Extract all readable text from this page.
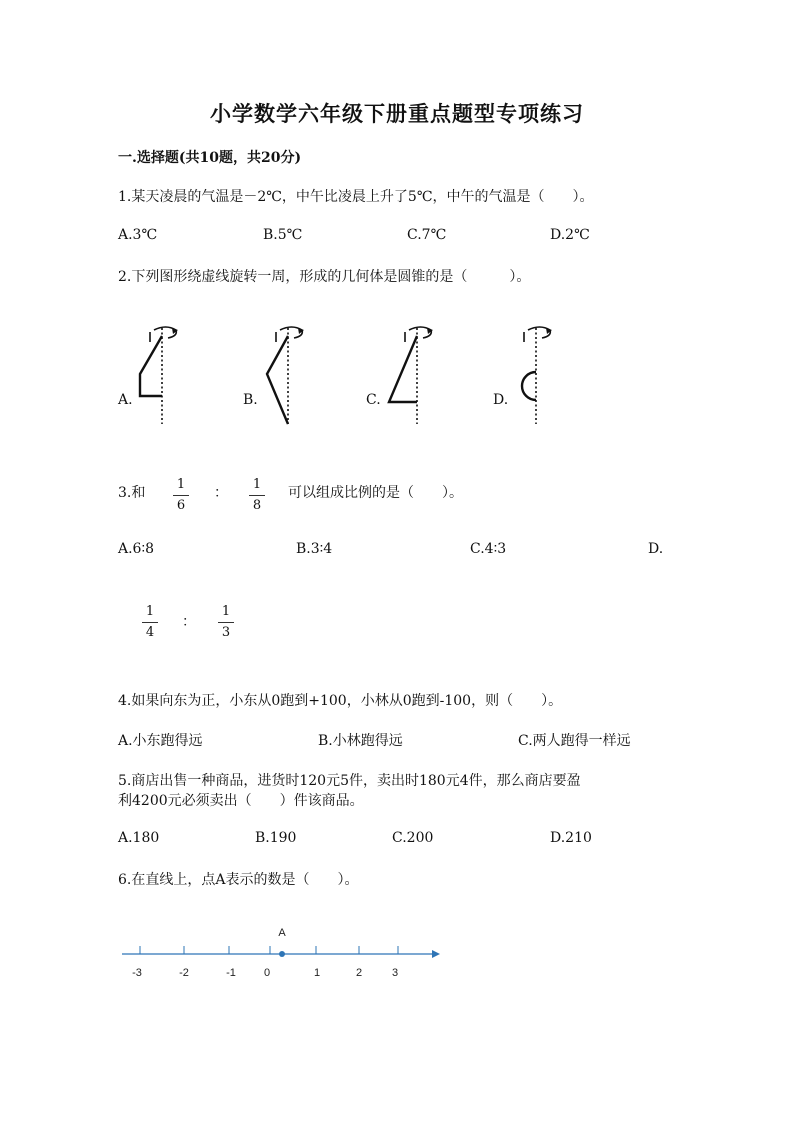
小学数学六年级下册重点题型专项练习
一.选择题(共10题，共20分)
1.某天凌晨的气温是－2℃，中午比凌晨上升了5℃，中午的气温是（　　）。
A.3℃	B.5℃	C.7℃	D.2℃
2.下列图形绕虚线旋转一周，形成的几何体是圆锥的是（　　　）。
A.	B.	C.	D.
3.和
1
6
：
1
8
可以组成比例的是（　　）。
A.6∶8	B.3∶4	C.4∶3	D.
1
4
：
1
3
4.如果向东为正，小东从0跑到+100，小林从0跑到-100，则（　　）。
A.小东跑得远	B.小林跑得远	C.两人跑得一样远
5.商店出售一种商品，进货时120元5件，卖出时180元4件，那么商店要盈
利4200元必须卖出（　　）件该商品。
A.180	B.190	C.200	D.210
6.在直线上，点A表示的数是（　　）。
A
-3	-2	-1	0	1	2	3
